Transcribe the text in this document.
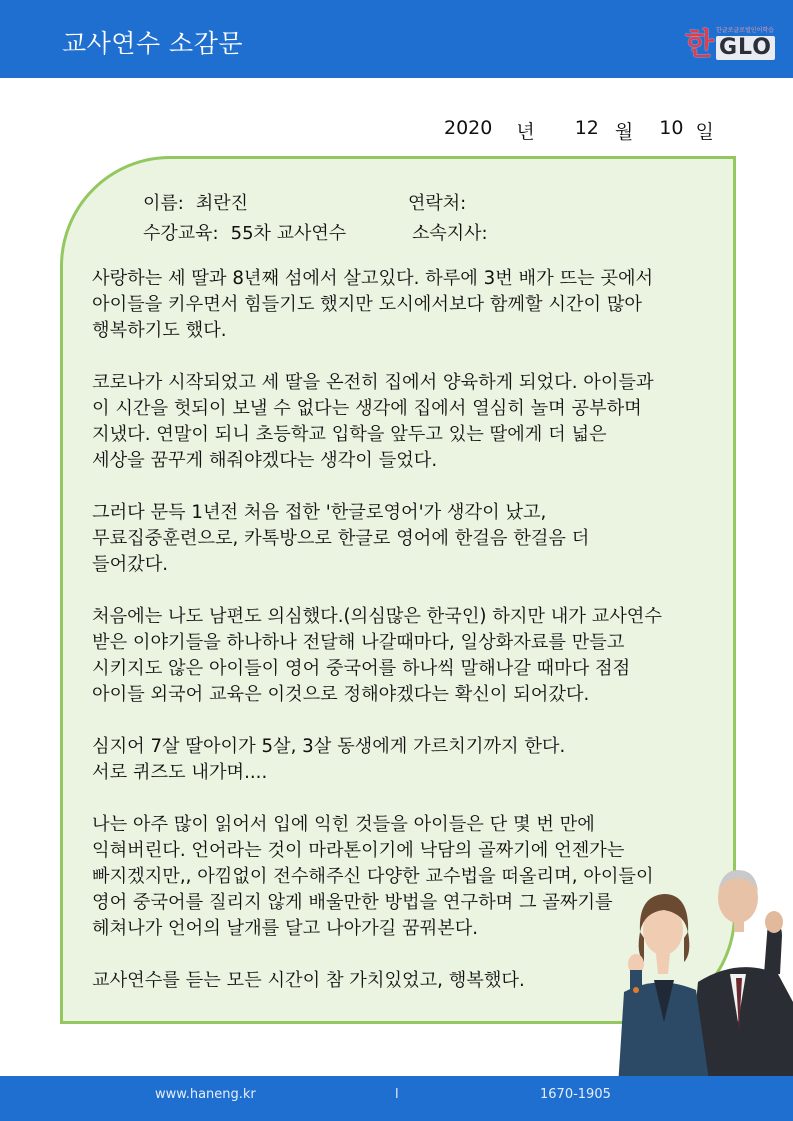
교사연수 소감문	한 한글로글로벌인어학습
GLO
2020 년 12 월 10 일
이름: 최란진	연락처:
수강교육: 55차 교사연수	소속지사:

사랑하는 세 딸과 8년째 섬에서 살고있다. 하루에 3번 배가 뜨는 곳에서
아이들을 키우면서 힘들기도 했지만 도시에서보다 함께할 시간이 많아
행복하기도 했다.

코로나가 시작되었고 세 딸을 온전히 집에서 양육하게 되었다. 아이들과
이 시간을 헛되이 보낼 수 없다는 생각에 집에서 열심히 놀며 공부하며
지냈다. 연말이 되니 초등학교 입학을 앞두고 있는 딸에게 더 넓은
세상을 꿈꾸게 해줘야겠다는 생각이 들었다.

그러다 문득 1년전 처음 접한 '한글로영어'가 생각이 났고,
무료집중훈련으로, 카톡방으로 한글로 영어에 한걸음 한걸음 더
들어갔다.

처음에는 나도 남편도 의심했다.(의심많은 한국인) 하지만 내가 교사연수
받은 이야기들을 하나하나 전달해 나갈때마다, 일상화자료를 만들고
시키지도 않은 아이들이 영어 중국어를 하나씩 말해나갈 때마다 점점
아이들 외국어 교육은 이것으로 정해야겠다는 확신이 되어갔다.

심지어 7살 딸아이가 5살, 3살 동생에게 가르치기까지 한다.
서로 퀴즈도 내가며....

나는 아주 많이 읽어서 입에 익힌 것들을 아이들은 단 몇 번 만에
익혀버린다. 언어라는 것이 마라톤이기에 낙담의 골짜기에 언젠가는
빠지겠지만,, 아낌없이 전수해주신 다양한 교수법을 떠올리며, 아이들이
영어 중국어를 질리지 않게 배울만한 방법을 연구하며 그 골짜기를
헤쳐나가 언어의 날개를 달고 나아가길 꿈꿔본다.

교사연수를 듣는 모든 시간이 참 가치있었고, 행복했다.

www.haneng.kr	l	1670-1905
